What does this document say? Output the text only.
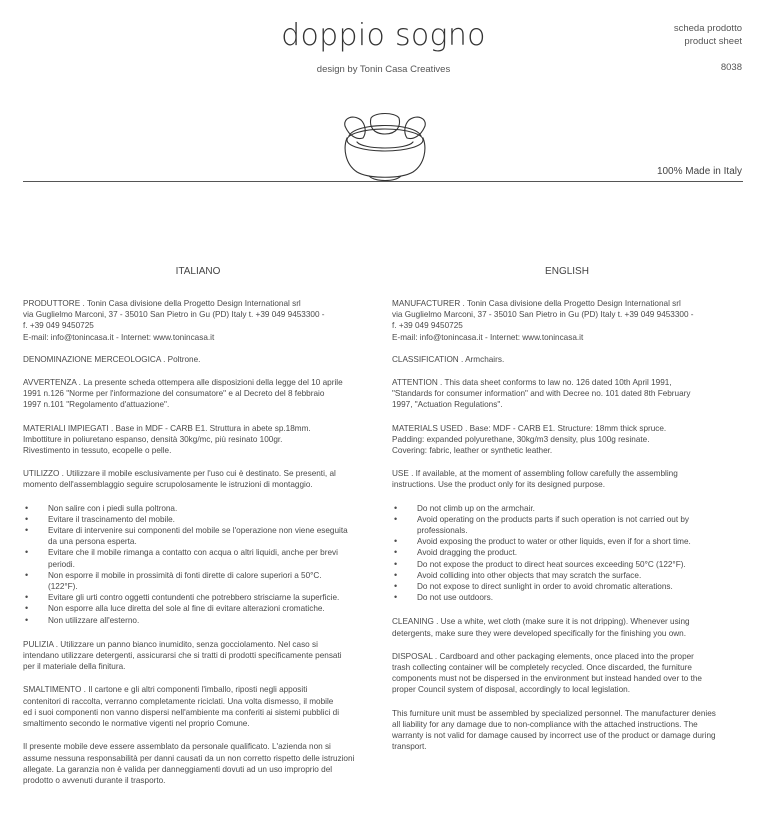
doppio sogno
design by Tonin Casa Creatives
scheda prodotto
product sheet
8038
100% Made in Italy
ITALIANO

PRODUTTORE . Tonin Casa divisione della Progetto Design International srl
via Guglielmo Marconi, 37 - 35010 San Pietro in Gu (PD) Italy t. +39 049 9453300 -
f. +39 049 9450725
E-mail: info@tonincasa.it - Internet: www.tonincasa.it

DENOMINAZIONE MERCEOLOGICA . Poltrone.

AVVERTENZA . La presente scheda ottempera alle disposizioni della legge del 10 aprile
1991 n.126 "Norme per l'informazione del consumatore" e al Decreto del 8 febbraio
1997 n.101 "Regolamento d'attuazione".

MATERIALI IMPIEGATI . Base in MDF - CARB E1. Struttura in abete sp.18mm.
Imbottiture in poliuretano espanso, densità 30kg/mc, più resinato 100gr.
Rivestimento in tessuto, ecopelle o pelle.

UTILIZZO . Utilizzare il mobile esclusivamente per l'uso cui è destinato. Se presenti, al
momento dell'assemblaggio seguire scrupolosamente le istruzioni di montaggio.

• Non salire con i piedi sulla poltrona.
• Evitare il trascinamento del mobile.
• Evitare di intervenire sui componenti del mobile se l'operazione non viene eseguita
da una persona esperta.
• Evitare che il mobile rimanga a contatto con acqua o altri liquidi, anche per brevi
periodi.
• Non esporre il mobile in prossimità di fonti dirette di calore superiori a 50°C.
(122°F).
• Evitare gli urti contro oggetti contundenti che potrebbero strisciarne la superficie.
• Non esporre alla luce diretta del sole al fine di evitare alterazioni cromatiche.
• Non utilizzare all'esterno.

PULIZIA . Utilizzare un panno bianco inumidito, senza gocciolamento. Nel caso si
intendano utilizzare detergenti, assicurarsi che si tratti di prodotti specificamente pensati
per il materiale della finitura.

SMALTIMENTO . Il cartone e gli altri componenti l'imballo, riposti negli appositi
contenitori di raccolta, verranno completamente riciclati. Una volta dismesso, il mobile
ed i suoi componenti non vanno dispersi nell'ambiente ma conferiti ai sistemi pubblici di
smaltimento secondo le normative vigenti nel proprio Comune.

Il presente mobile deve essere assemblato da personale qualificato. L'azienda non si
assume nessuna responsabilità per danni causati da un non corretto rispetto delle istruzioni
allegate. La garanzia non è valida per danneggiamenti dovuti ad un uso improprio del
prodotto o avvenuti durante il trasporto.

ENGLISH

MANUFACTURER . Tonin Casa divisione della Progetto Design International srl
via Guglielmo Marconi, 37 - 35010 San Pietro in Gu (PD) Italy t. +39 049 9453300 -
f. +39 049 9450725
E-mail: info@tonincasa.it - Internet: www.tonincasa.it

CLASSIFICATION . Armchairs.

ATTENTION . This data sheet conforms to law no. 126 dated 10th April 1991,
"Standards for consumer information" and with Decree no. 101 dated 8th February
1997, "Actuation Regulations".

MATERIALS USED . Base: MDF - CARB E1. Structure: 18mm thick spruce.
Padding: expanded polyurethane, 30kg/m3 density, plus 100g resinate.
Covering: fabric, leather or synthetic leather.

USE . If available, at the moment of assembling follow carefully the assembling
instructions. Use the product only for its designed purpose.

• Do not climb up on the armchair.
• Avoid operating on the products parts if such operation is not carried out by
professionals.
• Avoid exposing the product to water or other liquids, even if for a short time.
• Avoid dragging the product.
• Do not expose the product to direct heat sources exceeding 50°C (122°F).
• Avoid colliding into other objects that may scratch the surface.
• Do not expose to direct sunlight in order to avoid chromatic alterations.
• Do not use outdoors.

CLEANING . Use a white, wet cloth (make sure it is not dripping). Whenever using
detergents, make sure they were developed specifically for the finishing you own.

DISPOSAL . Cardboard and other packaging elements, once placed into the proper
trash collecting container will be completely recycled. Once discarded, the furniture
components must not be dispersed in the environment but instead handed over to the
proper Council system of disposal, accordingly to local legislation.

This furniture unit must be assembled by specialized personnel. The manufacturer denies
all liability for any damage due to non-compliance with the attached instructions. The
warranty is not valid for damage caused by incorrect use of the product or damage during
transport.
